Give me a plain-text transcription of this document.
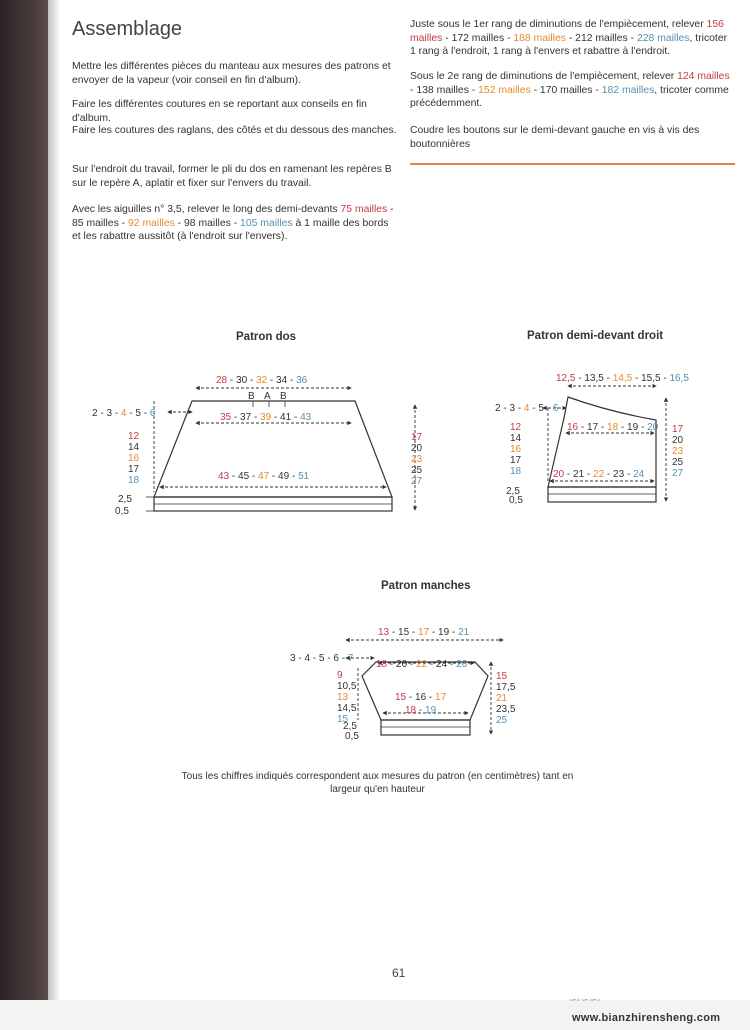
Assemblage

Mettre les différentes pièces du manteau aux mesures des patrons et envoyer de la vapeur (voir conseil en fin d'album).

Faire les différentes coutures en se reportant aux conseils en fin d'album.

Faire les coutures des raglans, des côtés et du dessous des manches.

Sur l'endroit du travail, former le pli du dos en ramenant les repères B sur le repère A, aplatir et fixer sur l'envers du travail.

Avec les aiguilles n° 3,5, relever le long des demi-devants 75 mailles - 85 mailles - 92 mailles - 98 mailles - 105 mailles à 1 maille des bords et les rabattre aussitôt (à l'endroit sur l'envers).

Juste sous le 1er rang de diminutions de l'empiècement, relever 156 mailles - 172 mailles - 188 mailles - 212 mailles - 228 mailles, tricoter 1 rang à l'endroit, 1 rang à l'envers et rabattre à l'endroit.

Sous le 2e rang de diminutions de l'empiècement, relever 124 mailles - 138 mailles - 152 mailles - 170 mailles - 182 mailles, tricoter comme précédemment.

Coudre les boutons sur le demi-devant gauche en vis à vis des boutonnières

Patron dos	Patron demi-devant droit
Patron manches
28 - 30 - 32 - 34 - 36
2 - 3 - 4 - 5 - 6	35 - 37 - 39 - 41 - 43
43 - 45 - 47 - 49 - 51
B A B
12
14
16
17
18
17
20
23
25
27
2,5
0,5
12,5 - 13,5 - 14,5 - 15,5 - 16,5
2 - 3 - 4 - 5 - 6
16 - 17 - 18 - 19 - 20
20 - 21 - 22 - 23 - 24
12
14
16
17
18
17
20
23
25
27
2,5
0,5
13 - 15 - 17 - 19 - 21
3 - 4 - 5 - 6 - 7
18 - 20 - 22 - 24 - 26
15 - 16 - 17
18 - 19
9
10,5
13
14,5
15
15
17,5
21
23,5
25
2,5
0,5
Tous les chiffres indiqués correspondent aux mesures du patron (en centimètres) tant en largeur qu'en hauteur
61
∽◦∽∽◦
www.bianzhirensheng.com
